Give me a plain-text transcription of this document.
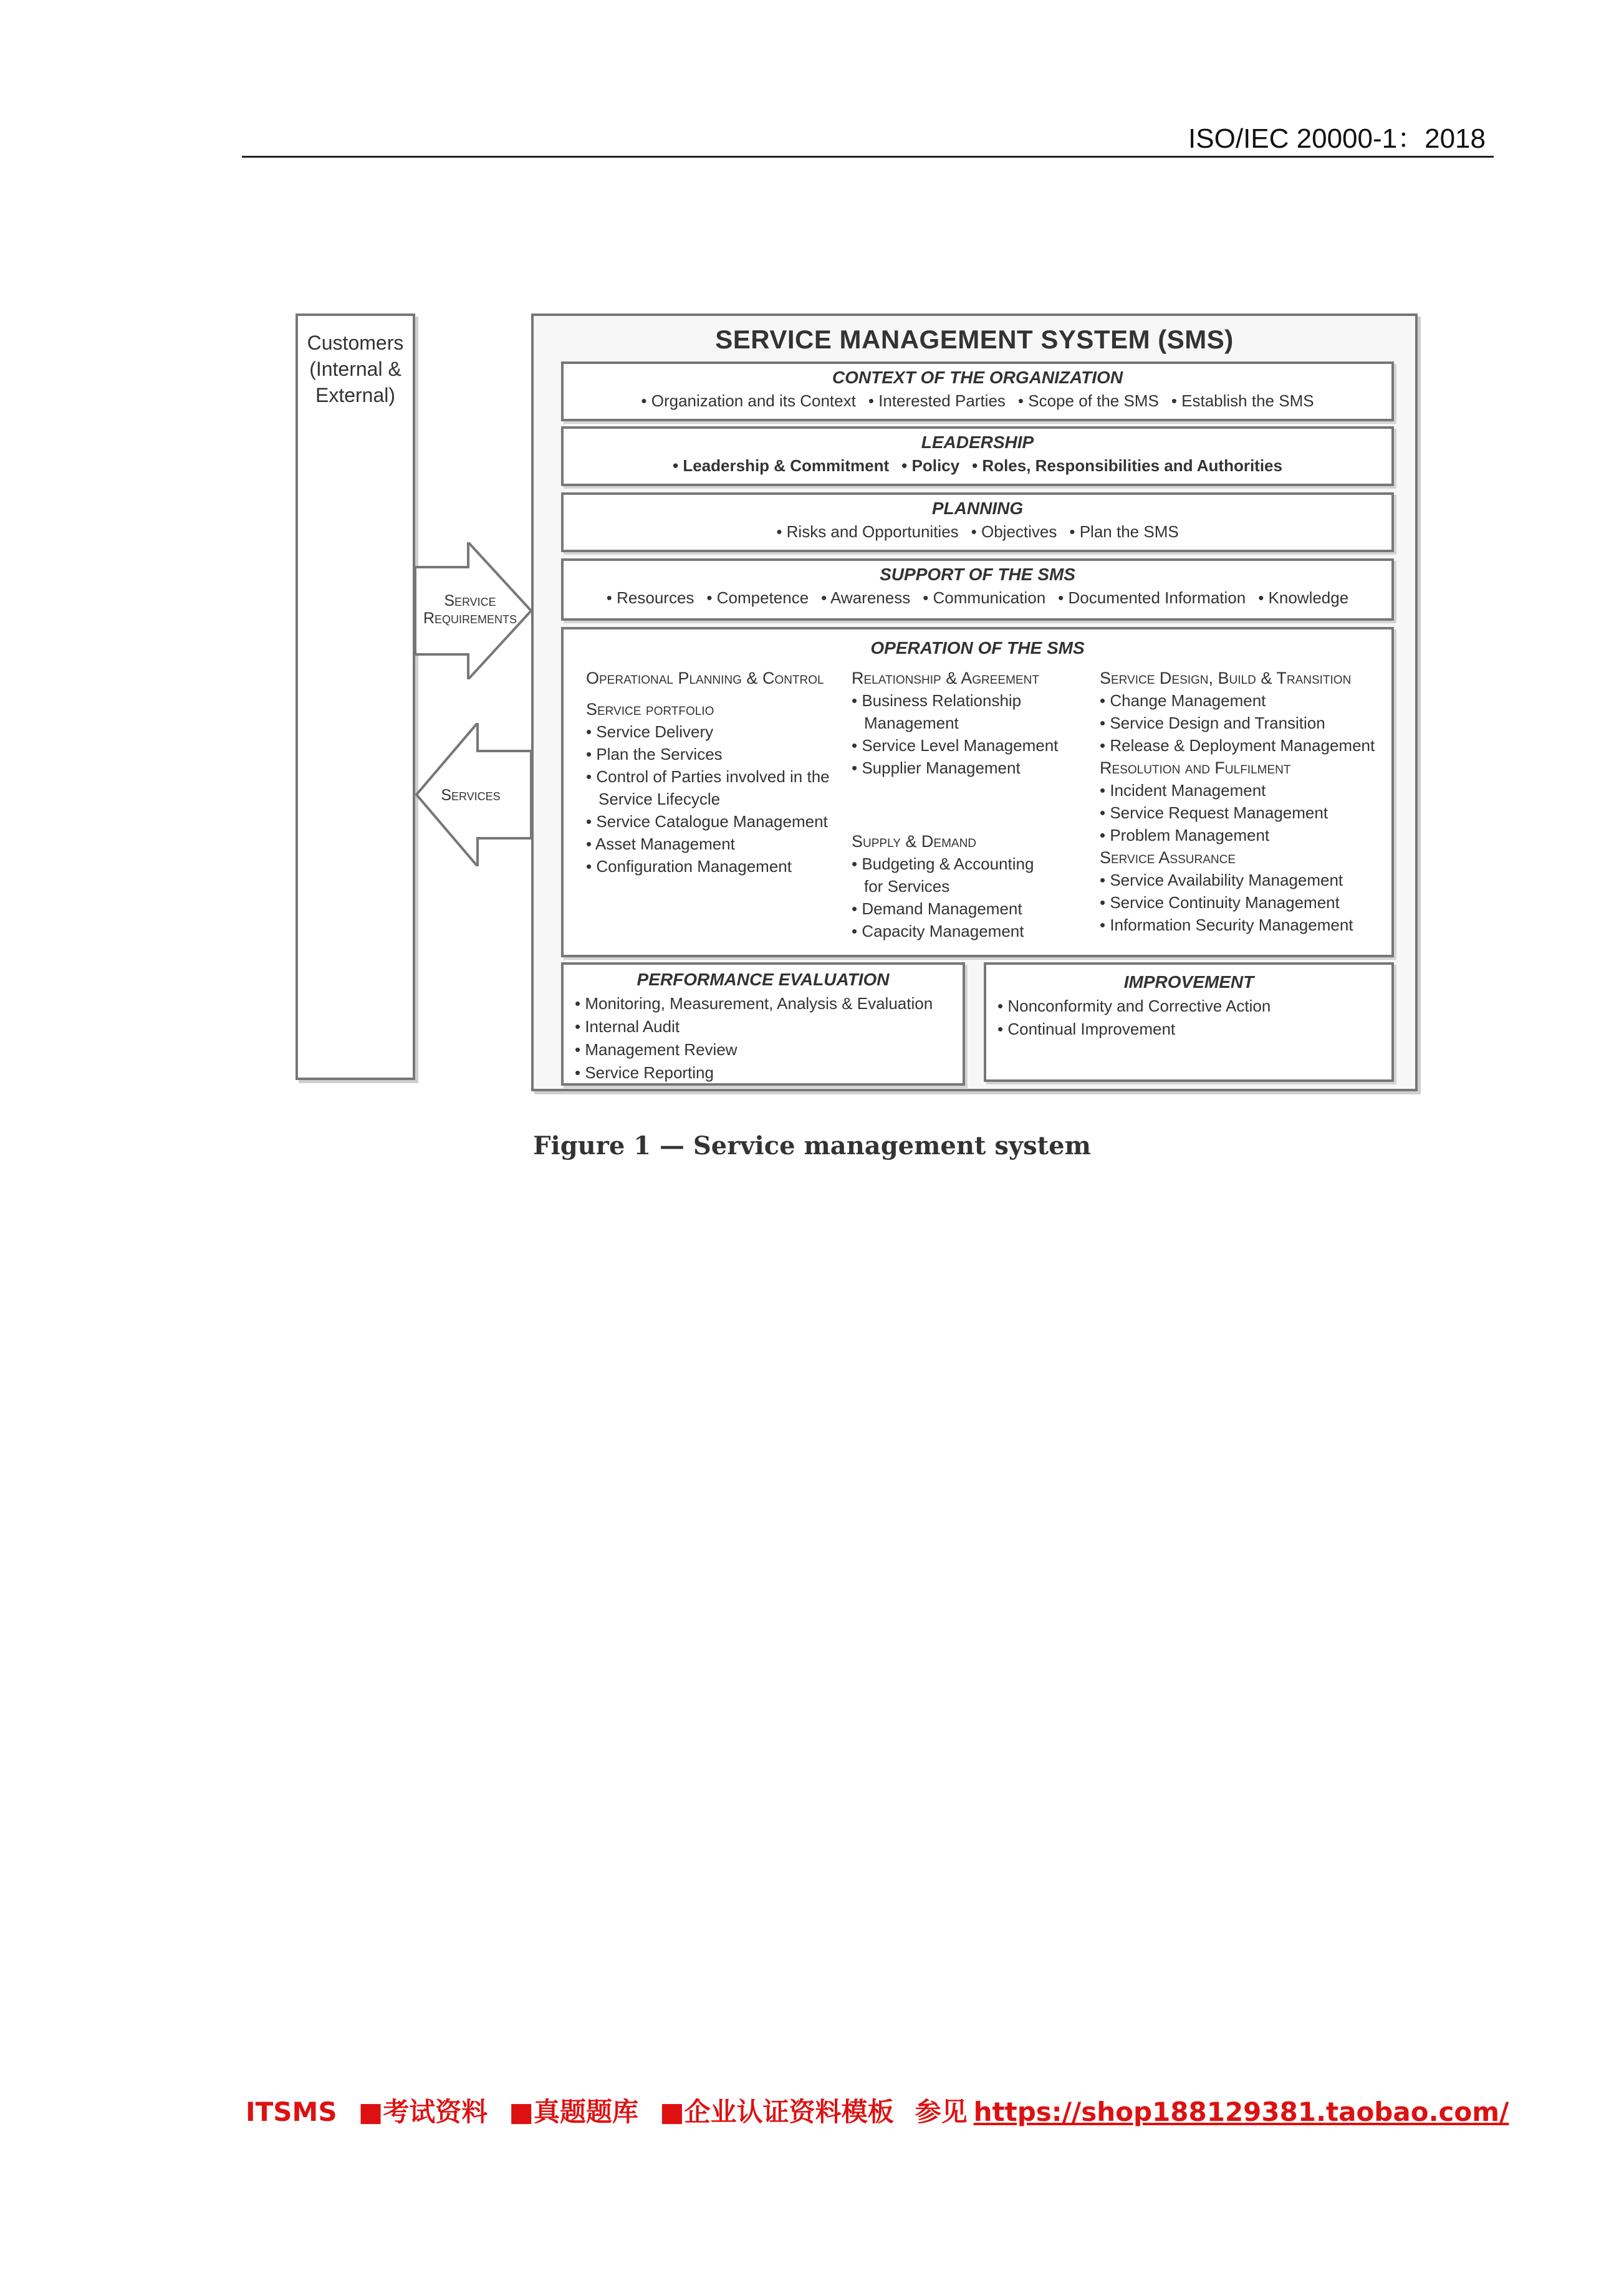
ISO/IEC 20000-1：2018
Customers
(Internal &
External)
Service
Requirements
Services
SERVICE MANAGEMENT SYSTEM (SMS)
CONTEXT OF THE ORGANIZATION
• Organization and its Context • Interested Parties • Scope of the SMS • Establish the SMS
LEADERSHIP
• Leadership & Commitment • Policy • Roles, Responsibilities and Authorities
PLANNING
• Risks and Opportunities • Objectives • Plan the SMS
SUPPORT OF THE SMS
• Resources • Competence • Awareness • Communication • Documented Information • Knowledge
OPERATION OF THE SMS
Operational Planning & Control
Service portfolio
• Service Delivery
• Plan the Services
• Control of Parties involved in the
Service Lifecycle
• Service Catalogue Management
• Asset Management
• Configuration Management
Relationship & Agreement
• Business Relationship
Management
• Service Level Management
• Supplier Management
Supply & Demand
• Budgeting & Accounting
for Services
• Demand Management
• Capacity Management
Service Design, Build & Transition
• Change Management
• Service Design and Transition
• Release & Deployment Management
Resolution and Fulfilment
• Incident Management
• Service Request Management
• Problem Management
Service Assurance
• Service Availability Management
• Service Continuity Management
• Information Security Management
PERFORMANCE EVALUATION
• Monitoring, Measurement, Analysis & Evaluation
• Internal Audit
• Management Review
• Service Reporting
IMPROVEMENT
• Nonconformity and Corrective Action
• Continual Improvement
Figure 1 — Service management system
ITSMS ■考试资料 ■真题题库 ■企业认证资料模板 参见 https://shop188129381.taobao.com/
